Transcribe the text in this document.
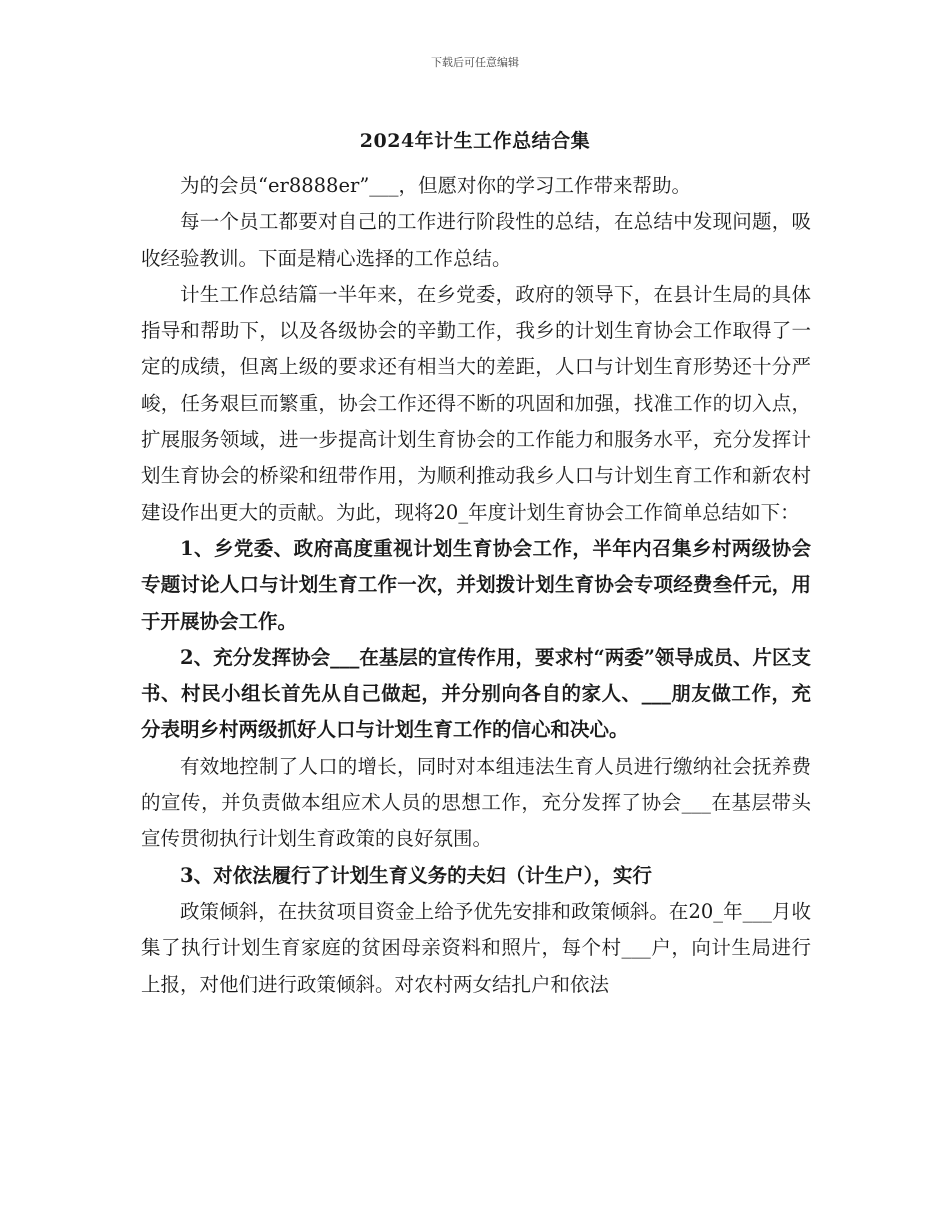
下载后可任意编辑
2024年计生工作总结合集

为的会员“er8888er”___，但愿对你的学习工作带来帮助。

每一个员工都要对自己的工作进行阶段性的总结，在总结中发现问题，吸收经验教训。下面是精心选择的工作总结。

计生工作总结篇一半年来，在乡党委，政府的领导下，在县计生局的具体指导和帮助下，以及各级协会的辛勤工作，我乡的计划生育协会工作取得了一定的成绩，但离上级的要求还有相当大的差距，人口与计划生育形势还十分严峻，任务艰巨而繁重，协会工作还得不断的巩固和加强，找准工作的切入点，扩展服务领域，进一步提高计划生育协会的工作能力和服务水平，充分发挥计划生育协会的桥梁和纽带作用，为顺利推动我乡人口与计划生育工作和新农村建设作出更大的贡献。为此，现将20_年度计划生育协会工作简单总结如下：

1、乡党委、政府高度重视计划生育协会工作，半年内召集乡村两级协会专题讨论人口与计划生育工作一次，并划拨计划生育协会专项经费叁仟元，用于开展协会工作。

2、充分发挥协会___在基层的宣传作用，要求村“两委”领导成员、片区支书、村民小组长首先从自己做起，并分别向各自的家人、___朋友做工作，充分表明乡村两级抓好人口与计划生育工作的信心和决心。

有效地控制了人口的增长，同时对本组违法生育人员进行缴纳社会抚养费的宣传，并负责做本组应术人员的思想工作，充分发挥了协会___在基层带头宣传贯彻执行计划生育政策的良好氛围。

3、对依法履行了计划生育义务的夫妇（计生户），实行

政策倾斜，在扶贫项目资金上给予优先安排和政策倾斜。在20_年___月收集了执行计划生育家庭的贫困母亲资料和照片，每个村___户，向计生局进行上报，对他们进行政策倾斜。对农村两女结扎户和依法
